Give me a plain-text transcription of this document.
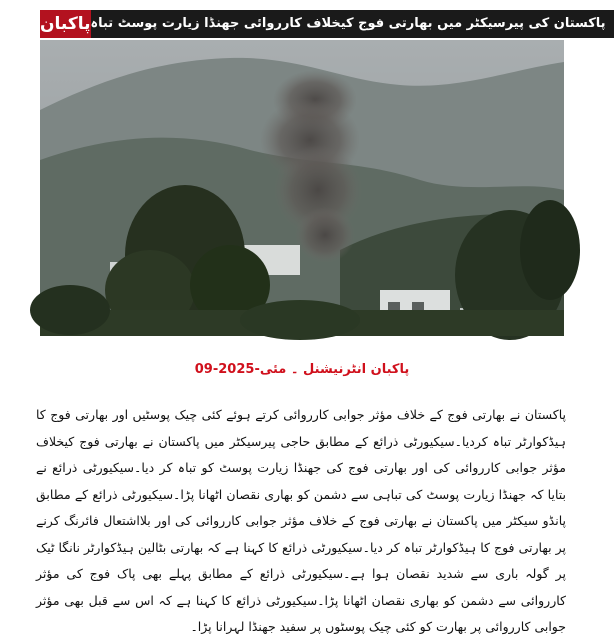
پاکبان پاکستان کی پیرسیکٹر میں بھارتی فوج کیخلاف کارروائی جھنڈا زیارت پوسٹ تباہ
پاکبان انٹرنیشنل ۔ 09-مئی-2025
پاکستان نے بھارتی فوج کے خلاف مؤثر جوابی کارروائی کرتے ہوئے کئی چیک پوسٹیں اور بھارتی فوج کا ہیڈکوارٹر تباہ کردیا۔سیکیورٹی ذرائع کے مطابق حاجی پیرسیکٹر میں پاکستان نے بھارتی فوج کیخلاف مؤثر جوابی کارروائی کی اور بھارتی فوج کی جھنڈا زیارت پوسٹ کو تباہ کر دیا۔سیکیورٹی ذرائع نے بتایا کہ جھنڈا زیارت پوسٹ کی تباہی سے دشمن کو بھاری نقصان اٹھانا پڑا۔سیکیورٹی ذرائع کے مطابق پانڈو سیکٹر میں پاکستان نے بھارتی فوج کے خلاف مؤثر جوابی کارروائی کی اور بلااشتعال فائرنگ کرنے پر بھارتی فوج کا ہیڈکوارٹر تباہ کر دیا۔سیکیورٹی ذرائع کا کہنا ہے کہ بھارتی بٹالین ہیڈکوارٹر نانگا ٹیک پر گولہ باری سے شدید نقصان ہوا ہے۔سیکیورٹی ذرائع کے مطابق پہلے بھی پاک فوج کی مؤثر کارروائی سے دشمن کو بھاری نقصان اٹھانا پڑا۔سیکیورٹی ذرائع کا کہنا ہے کہ اس سے قبل بھی مؤثر جوابی کارروائی پر بھارت کو کئی چیک پوسٹوں پر سفید جھنڈا لہرانا پڑا۔
